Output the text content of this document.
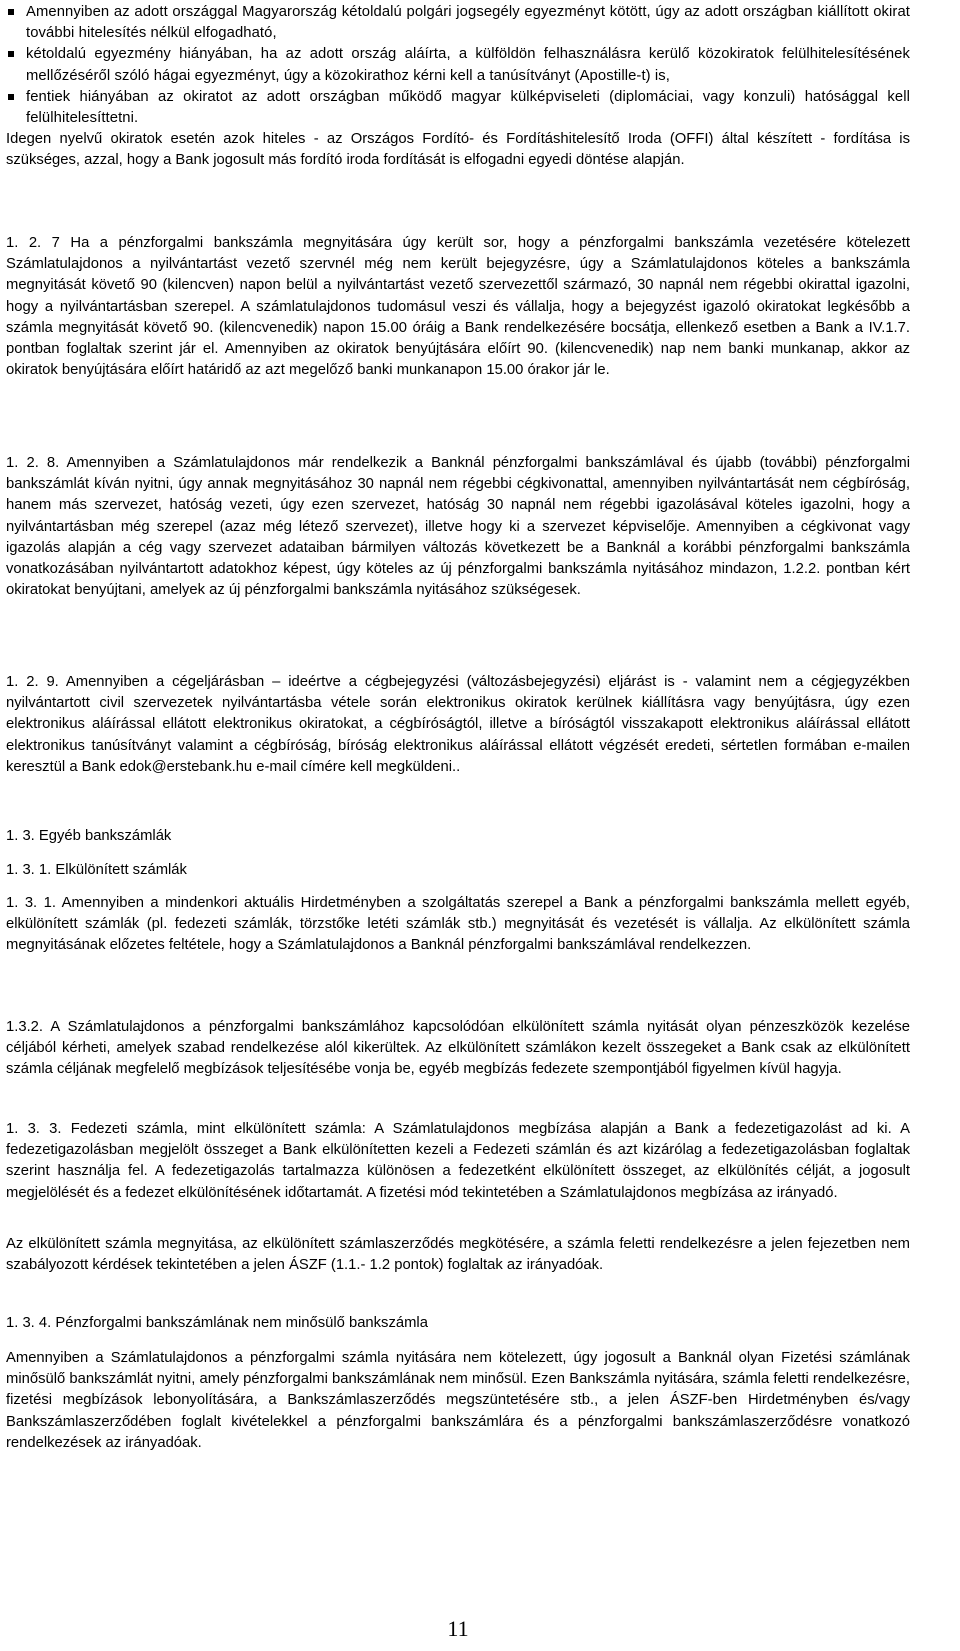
Amennyiben az adott országgal Magyarország kétoldalú polgári jogsegély egyezményt kötött, úgy az adott országban kiállított okirat további hitelesítés nélkül elfogadható,
kétoldalú egyezmény hiányában, ha az adott ország aláírta, a külföldön felhasználásra kerülő közokiratok felülhitelesítésének mellőzéséről szóló hágai egyezményt, úgy a közokirathoz kérni kell a tanúsítványt (Apostille-t) is,
fentiek hiányában az okiratot az adott országban működő magyar külképviseleti (diplomáciai, vagy konzuli) hatósággal kell felülhitelesíttetni.

Idegen nyelvű okiratok esetén azok hiteles - az Országos Fordító- és Fordításhitelesítő Iroda (OFFI) által készített - fordítása is szükséges, azzal, hogy a Bank jogosult más fordító iroda fordítását is elfogadni egyedi döntése alapján.

1. 2. 7 Ha a pénzforgalmi bankszámla megnyitására úgy került sor, hogy a pénzforgalmi bankszámla vezetésére kötelezett Számlatulajdonos a nyilvántartást vezető szervnél még nem került bejegyzésre, úgy a Számlatulajdonos köteles a bankszámla megnyitását követő 90 (kilencven) napon belül a nyilvántartást vezető szervezettől származó, 30 napnál nem régebbi okirattal igazolni, hogy a nyilvántartásban szerepel. A számlatulajdonos tudomásul veszi és vállalja, hogy a bejegyzést igazoló okiratokat legkésőbb a számla megnyitását követő 90. (kilencvenedik) napon 15.00 óráig a Bank rendelkezésére bocsátja, ellenkező esetben a Bank a IV.1.7. pontban foglaltak szerint jár el. Amennyiben az okiratok benyújtására előírt 90. (kilencvenedik) nap nem banki munkanap, akkor az okiratok benyújtására előírt határidő az azt megelőző banki munkanapon 15.00 órakor jár le.

1. 2. 8. Amennyiben a Számlatulajdonos már rendelkezik a Banknál pénzforgalmi bankszámlával és újabb (további) pénzforgalmi bankszámlát kíván nyitni, úgy annak megnyitásához 30 napnál nem régebbi cégkivonattal, amennyiben nyilvántartását nem cégbíróság, hanem más szervezet, hatóság vezeti, úgy ezen szervezet, hatóság 30 napnál nem régebbi igazolásával köteles igazolni, hogy a nyilvántartásban még szerepel (azaz még létező szervezet), illetve hogy ki a szervezet képviselője. Amennyiben a cégkivonat vagy igazolás alapján a cég vagy szervezet adataiban bármilyen változás következett be a Banknál a korábbi pénzforgalmi bankszámla vonatkozásában nyilvántartott adatokhoz képest, úgy köteles az új pénzforgalmi bankszámla nyitásához mindazon, 1.2.2. pontban kért okiratokat benyújtani, amelyek az új pénzforgalmi bankszámla nyitásához szükségesek.

1. 2. 9. Amennyiben a cégeljárásban – ideértve a cégbejegyzési (változásbejegyzési) eljárást is - valamint nem a cégjegyzékben nyilvántartott civil szervezetek nyilvántartásba vétele során elektronikus okiratok kerülnek kiállításra vagy benyújtásra, úgy ezen elektronikus aláírással ellátott elektronikus okiratokat, a cégbíróságtól, illetve a bíróságtól visszakapott elektronikus aláírással ellátott elektronikus tanúsítványt valamint a cégbíróság, bíróság elektronikus aláírással ellátott végzését eredeti, sértetlen formában e-mailen keresztül a Bank edok@erstebank.hu e-mail címére kell megküldeni..

1. 3. Egyéb bankszámlák

1. 3. 1. Elkülönített számlák

1. 3. 1. Amennyiben a mindenkori aktuális Hirdetményben a szolgáltatás szerepel a Bank a pénzforgalmi bankszámla mellett egyéb, elkülönített számlák (pl. fedezeti számlák, törzstőke letéti számlák stb.) megnyitását és vezetését is vállalja. Az elkülönített számla megnyitásának előzetes feltétele, hogy a Számlatulajdonos a Banknál pénzforgalmi bankszámlával rendelkezzen.

1.3.2. A Számlatulajdonos a pénzforgalmi bankszámlához kapcsolódóan elkülönített számla nyitását olyan pénzeszközök kezelése céljából kérheti, amelyek szabad rendelkezése alól kikerültek. Az elkülönített számlákon kezelt összegeket a Bank csak az elkülönített számla céljának megfelelő megbízások teljesítésébe vonja be, egyéb megbízás fedezete szempontjából figyelmen kívül hagyja.

1. 3. 3. Fedezeti számla, mint elkülönített számla: A Számlatulajdonos megbízása alapján a Bank a fedezetigazolást ad ki. A fedezetigazolásban megjelölt összeget a Bank elkülönítetten kezeli a Fedezeti számlán és azt kizárólag a fedezetigazolásban foglaltak szerint használja fel. A fedezetigazolás tartalmazza különösen a fedezetként elkülönített összeget, az elkülönítés célját, a jogosult megjelölését és a fedezet elkülönítésének időtartamát. A fizetési mód tekintetében a Számlatulajdonos megbízása az irányadó.

Az elkülönített számla megnyitása, az elkülönített számlaszerződés megkötésére, a számla feletti rendelkezésre a jelen fejezetben nem szabályozott kérdések tekintetében a jelen ÁSZF (1.1.- 1.2 pontok) foglaltak az irányadóak.

1. 3. 4. Pénzforgalmi bankszámlának nem minősülő bankszámla

Amennyiben a Számlatulajdonos a pénzforgalmi számla nyitására nem kötelezett, úgy jogosult a Banknál olyan Fizetési számlának minősülő bankszámlát nyitni, amely pénzforgalmi bankszámlának nem minősül. Ezen Bankszámla nyitására, számla feletti rendelkezésre, fizetési megbízások lebonyolítására, a Bankszámlaszerződés megszüntetésére stb., a jelen ÁSZF-ben Hirdetményben és/vagy Bankszámlaszerződében foglalt kivételekkel a pénzforgalmi bankszámlára és a pénzforgalmi bankszámlaszerződésre vonatkozó rendelkezések az irányadóak.

11
